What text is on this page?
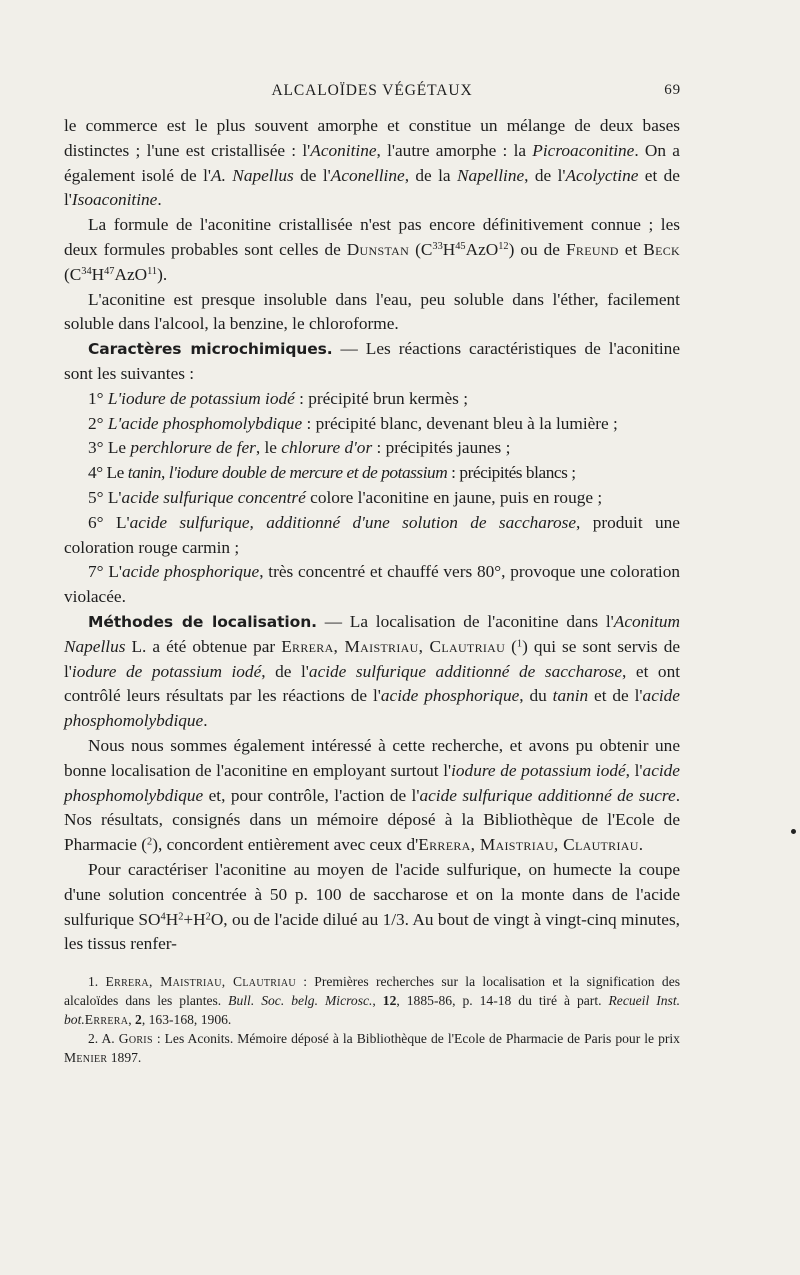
ALCALOÏDES VÉGÉTAUX	69

le commerce est le plus souvent amorphe et constitue un mélange de deux bases distinctes ; l'une est cristallisée : l'Aconitine, l'autre amorphe : la Picroaconitine. On a également isolé de l'A. Napellus de l'Aconelline, de la Napelline, de l'Acolyctine et de l'Isoaconitine.

La formule de l'aconitine cristallisée n'est pas encore définitivement connue ; les deux formules probables sont celles de Dunstan $(C^{33}H^{45}AzO^{12})$ ou de Freund et Beck $(C^{34}H^{47}AzO^{11})$.

L'aconitine est presque insoluble dans l'eau, peu soluble dans l'éther, facilement soluble dans l'alcool, la benzine, le chloroforme.

Caractères microchimiques. — Les réactions caractéristiques de l'aconitine sont les suivantes :

1° L'iodure de potassium iodé : précipité brun kermès ;

2° L'acide phosphomolybdique : précipité blanc, devenant bleu à la lumière ;

3° Le perchlorure de fer, le chlorure d'or : précipités jaunes ;

4° Le tanin, l'iodure double de mercure et de potassium : précipités blancs ;

5° L'acide sulfurique concentré colore l'aconitine en jaune, puis en rouge ;

6° L'acide sulfurique, additionné d'une solution de saccharose, produit une coloration rouge carmin ;

7° L'acide phosphorique, très concentré et chauffé vers 80°, provoque une coloration violacée.

Méthodes de localisation. — La localisation de l'aconitine dans l'Aconitum Napellus L. a été obtenue par Errera, Maistriau, Clautriau ($^1$) qui se sont servis de l'iodure de potassium iodé, de l'acide sulfurique additionné de saccharose, et ont contrôlé leurs résultats par les réactions de l'acide phosphorique, du tanin et de l'acide phosphomolybdique.

Nous nous sommes également intéressé à cette recherche, et avons pu obtenir une bonne localisation de l'aconitine en employant surtout l'iodure de potassium iodé, l'acide phosphomolybdique et, pour contrôle, l'action de l'acide sulfurique additionné de sucre. Nos résultats, consignés dans un mémoire déposé à la Bibliothèque de l'Ecole de Pharmacie ($^2$), concordent entièrement avec ceux d'Errera, Maistriau, Clautriau.

Pour caractériser l'aconitine au moyen de l'acide sulfurique, on humecte la coupe d'une solution concentrée à 50 p. 100 de saccharose et on la monte dans de l'acide sulfurique $SO^4H^2+H^2O$, ou de l'acide dilué au 1/3. Au bout de vingt à vingt-cinq minutes, les tissus renfer-

1. Errera, Maistriau, Clautriau : Premières recherches sur la localisation et la signification des alcaloïdes dans les plantes. Bull. Soc. belg. Microsc., 12, 1885-86, p. 14-18 du tiré à part. Recueil Inst. bot.Errera, 2, 163-168, 1906.

2. A. Goris : Les Aconits. Mémoire déposé à la Bibliothèque de l'Ecole de Pharmacie de Paris pour le prix Menier 1897.
